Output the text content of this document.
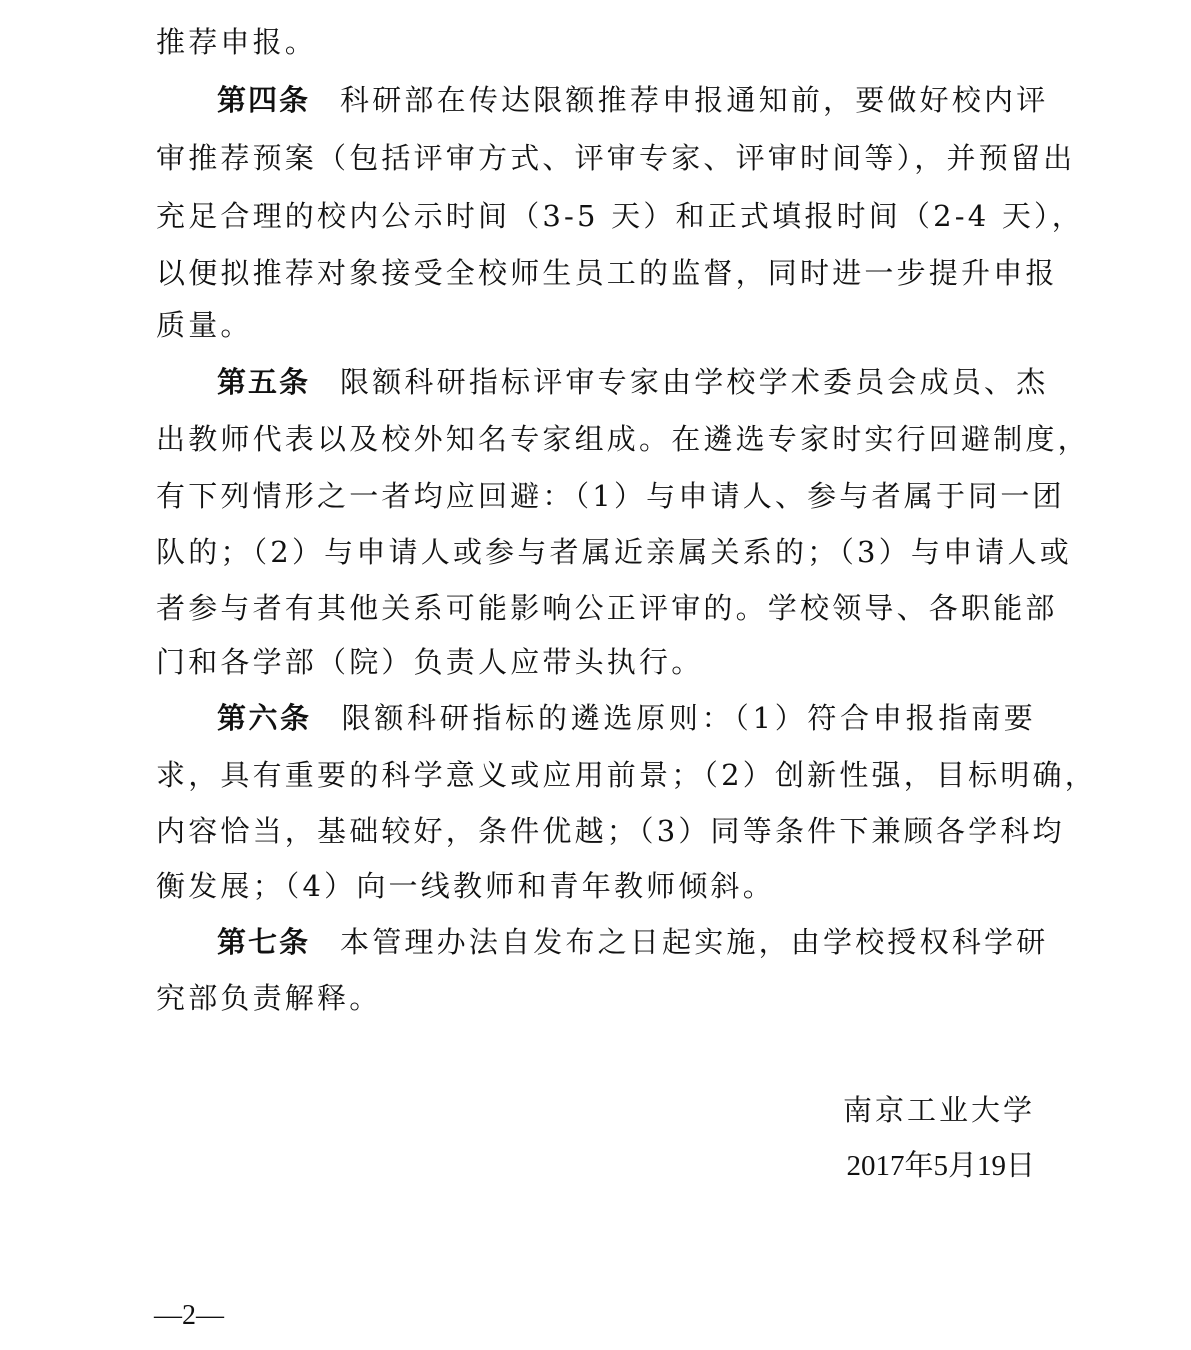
推荐申报。
第四条 科研部在传达限额推荐申报通知前，要做好校内评
审推荐预案（包括评审方式、评审专家、评审时间等），并预留出
充足合理的校内公示时间（3-5 天）和正式填报时间（2-4 天），
以便拟推荐对象接受全校师生员工的监督，同时进一步提升申报
质量。
第五条 限额科研指标评审专家由学校学术委员会成员、杰
出教师代表以及校外知名专家组成。在遴选专家时实行回避制度，
有下列情形之一者均应回避：（1）与申请人、参与者属于同一团
队的；（2）与申请人或参与者属近亲属关系的；（3）与申请人或
者参与者有其他关系可能影响公正评审的。学校领导、各职能部
门和各学部（院）负责人应带头执行。
第六条 限额科研指标的遴选原则：（1）符合申报指南要
求，具有重要的科学意义或应用前景；（2）创新性强，目标明确，
内容恰当，基础较好，条件优越；（3）同等条件下兼顾各学科均
衡发展；（4）向一线教师和青年教师倾斜。
第七条 本管理办法自发布之日起实施，由学校授权科学研
究部负责解释。
南京工业大学
2017年5月19日
—2—
